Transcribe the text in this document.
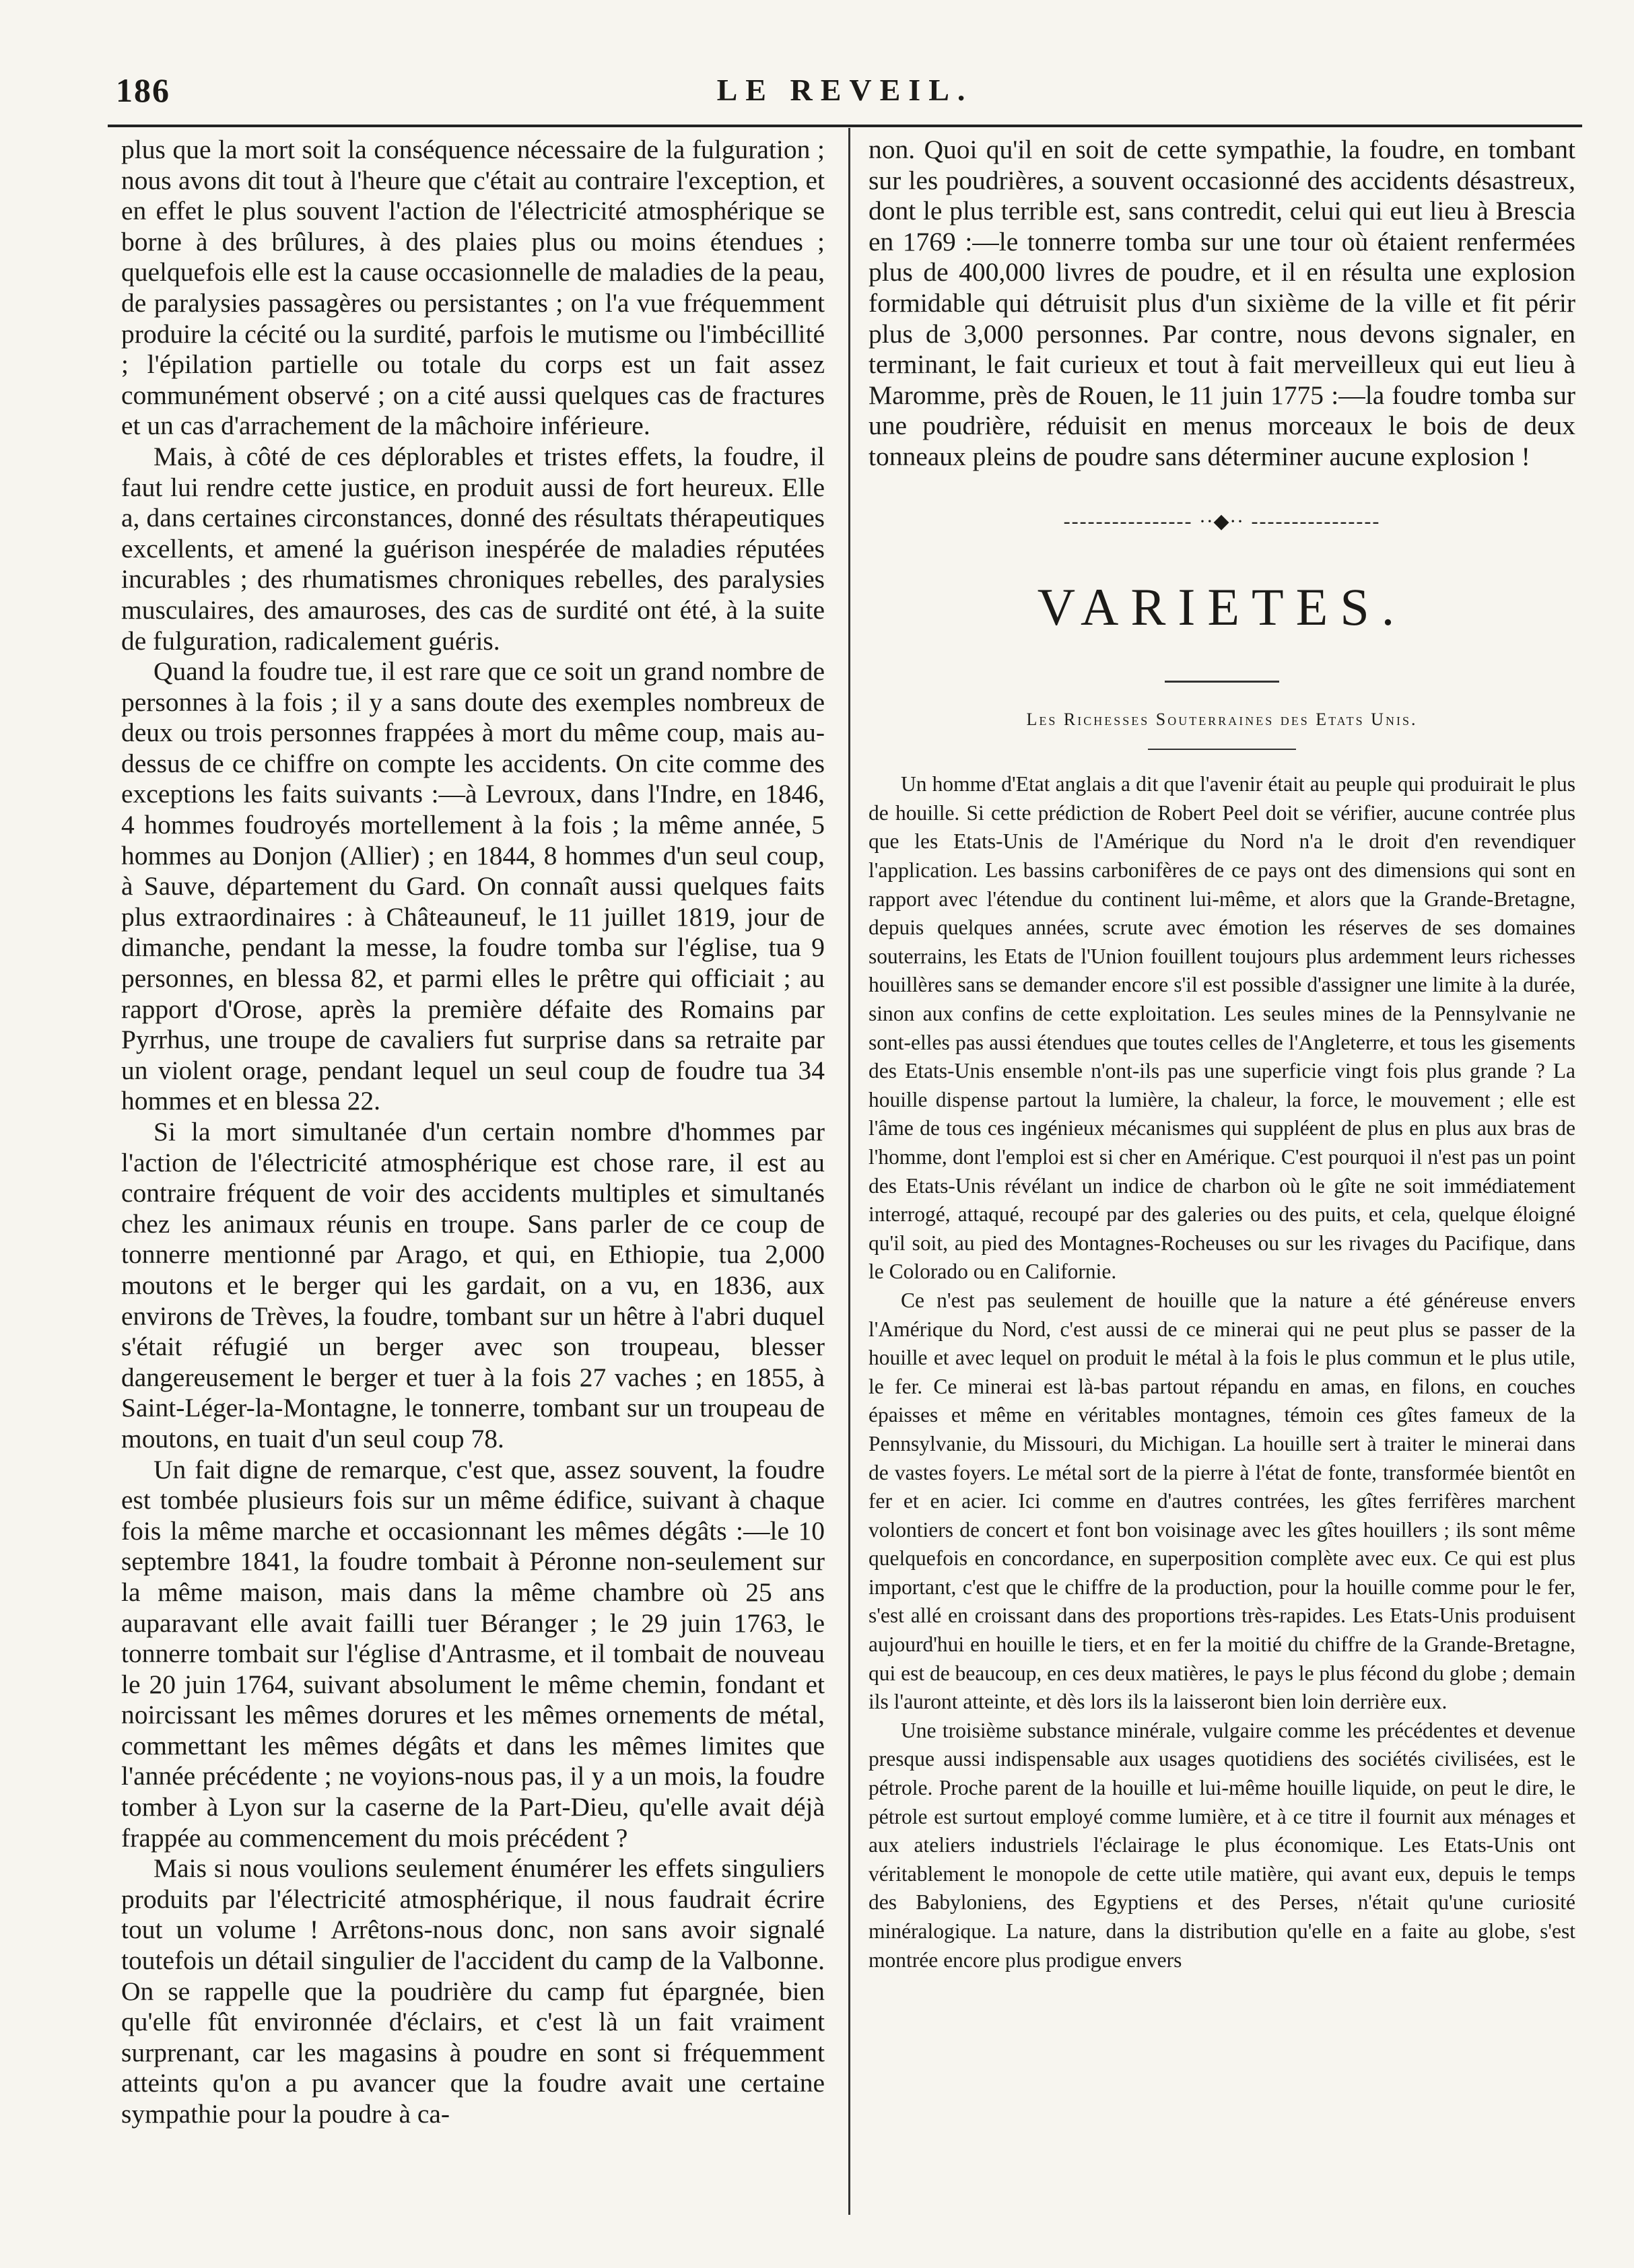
186	LE REVEIL.

plus que la mort soit la conséquence nécessaire de la fulguration ; nous avons dit tout à l'heure que c'était au contraire l'exception, et en effet le plus souvent l'action de l'électricité atmosphérique se borne à des brûlures, à des plaies plus ou moins étendues ; quelquefois elle est la cause occasionnelle de maladies de la peau, de paralysies passagères ou persistantes ; on l'a vue fréquemment produire la cécité ou la surdité, parfois le mutisme ou l'imbécillité ; l'épilation partielle ou totale du corps est un fait assez communément observé ; on a cité aussi quelques cas de fractures et un cas d'arrachement de la mâchoire inférieure.

Mais, à côté de ces déplorables et tristes effets, la foudre, il faut lui rendre cette justice, en produit aussi de fort heureux. Elle a, dans certaines circonstances, donné des résultats thérapeutiques excellents, et amené la guérison inespérée de maladies réputées incurables ; des rhumatismes chroniques rebelles, des paralysies musculaires, des amauroses, des cas de surdité ont été, à la suite de fulguration, radicalement guéris.

Quand la foudre tue, il est rare que ce soit un grand nombre de personnes à la fois ; il y a sans doute des exemples nombreux de deux ou trois personnes frappées à mort du même coup, mais au-dessus de ce chiffre on compte les accidents. On cite comme des exceptions les faits suivants :—à Levroux, dans l'Indre, en 1846, 4 hommes foudroyés mortellement à la fois ; la même année, 5 hommes au Donjon (Allier) ; en 1844, 8 hommes d'un seul coup, à Sauve, département du Gard. On connaît aussi quelques faits plus extraordinaires : à Châteauneuf, le 11 juillet 1819, jour de dimanche, pendant la messe, la foudre tomba sur l'église, tua 9 personnes, en blessa 82, et parmi elles le prêtre qui officiait ; au rapport d'Orose, après la première défaite des Romains par Pyrrhus, une troupe de cavaliers fut surprise dans sa retraite par un violent orage, pendant lequel un seul coup de foudre tua 34 hommes et en blessa 22.

Si la mort simultanée d'un certain nombre d'hommes par l'action de l'électricité atmosphérique est chose rare, il est au contraire fréquent de voir des accidents multiples et simultanés chez les animaux réunis en troupe. Sans parler de ce coup de tonnerre mentionné par Arago, et qui, en Ethiopie, tua 2,000 moutons et le berger qui les gardait, on a vu, en 1836, aux environs de Trèves, la foudre, tombant sur un hêtre à l'abri duquel s'était réfugié un berger avec son troupeau, blesser dangereusement le berger et tuer à la fois 27 vaches ; en 1855, à Saint-Léger-la-Montagne, le tonnerre, tombant sur un troupeau de moutons, en tuait d'un seul coup 78.

Un fait digne de remarque, c'est que, assez souvent, la foudre est tombée plusieurs fois sur un même édifice, suivant à chaque fois la même marche et occasionnant les mêmes dégâts :—le 10 septembre 1841, la foudre tombait à Péronne non-seulement sur la même maison, mais dans la même chambre où 25 ans auparavant elle avait failli tuer Béranger ; le 29 juin 1763, le tonnerre tombait sur l'église d'Antrasme, et il tombait de nouveau le 20 juin 1764, suivant absolument le même chemin, fondant et noircissant les mêmes dorures et les mêmes ornements de métal, commettant les mêmes dégâts et dans les mêmes limites que l'année précédente ; ne voyions-nous pas, il y a un mois, la foudre tomber à Lyon sur la caserne de la Part-Dieu, qu'elle avait déjà frappée au commencement du mois précédent ?

Mais si nous voulions seulement énumérer les effets singuliers produits par l'électricité atmosphérique, il nous faudrait écrire tout un volume ! Arrêtons-nous donc, non sans avoir signalé toutefois un détail singulier de l'accident du camp de la Valbonne. On se rappelle que la poudrière du camp fut épargnée, bien qu'elle fût environnée d'éclairs, et c'est là un fait vraiment surprenant, car les magasins à poudre en sont si fréquemment atteints qu'on a pu avancer que la foudre avait une certaine sympathie pour la poudre à ca-

non. Quoi qu'il en soit de cette sympathie, la foudre, en tombant sur les poudrières, a souvent occasionné des accidents désastreux, dont le plus terrible est, sans contredit, celui qui eut lieu à Brescia en 1769 :—le tonnerre tomba sur une tour où étaient renfermées plus de 400,000 livres de poudre, et il en résulta une explosion formidable qui détruisit plus d'un sixième de la ville et fit périr plus de 3,000 personnes. Par contre, nous devons signaler, en terminant, le fait curieux et tout à fait merveilleux qui eut lieu à Maromme, près de Rouen, le 11 juin 1775 :—la foudre tomba sur une poudrière, réduisit en menus morceaux le bois de deux tonneaux pleins de poudre sans déterminer aucune explosion !

---------------- ·∙◆∙· ----------------
VARIETES.
Les Richesses Souterraines des Etats Unis.

Un homme d'Etat anglais a dit que l'avenir était au peuple qui produirait le plus de houille. Si cette prédiction de Robert Peel doit se vérifier, aucune contrée plus que les Etats-Unis de l'Amérique du Nord n'a le droit d'en revendiquer l'application. Les bassins carbonifères de ce pays ont des dimensions qui sont en rapport avec l'étendue du continent lui-même, et alors que la Grande-Bretagne, depuis quelques années, scrute avec émotion les réserves de ses domaines souterrains, les Etats de l'Union fouillent toujours plus ardemment leurs richesses houillères sans se demander encore s'il est possible d'assigner une limite à la durée, sinon aux confins de cette exploitation. Les seules mines de la Pennsylvanie ne sont-elles pas aussi étendues que toutes celles de l'Angleterre, et tous les gisements des Etats-Unis ensemble n'ont-ils pas une superficie vingt fois plus grande ? La houille dispense partout la lumière, la chaleur, la force, le mouvement ; elle est l'âme de tous ces ingénieux mécanismes qui suppléent de plus en plus aux bras de l'homme, dont l'emploi est si cher en Amérique. C'est pourquoi il n'est pas un point des Etats-Unis révélant un indice de charbon où le gîte ne soit immédiatement interrogé, attaqué, recoupé par des galeries ou des puits, et cela, quelque éloigné qu'il soit, au pied des Montagnes-Rocheuses ou sur les rivages du Pacifique, dans le Colorado ou en Californie.

Ce n'est pas seulement de houille que la nature a été généreuse envers l'Amérique du Nord, c'est aussi de ce minerai qui ne peut plus se passer de la houille et avec lequel on produit le métal à la fois le plus commun et le plus utile, le fer. Ce minerai est là-bas partout répandu en amas, en filons, en couches épaisses et même en véritables montagnes, témoin ces gîtes fameux de la Pennsylvanie, du Missouri, du Michigan. La houille sert à traiter le minerai dans de vastes foyers. Le métal sort de la pierre à l'état de fonte, transformée bientôt en fer et en acier. Ici comme en d'autres contrées, les gîtes ferrifères marchent volontiers de concert et font bon voisinage avec les gîtes houillers ; ils sont même quelquefois en concordance, en superposition complète avec eux. Ce qui est plus important, c'est que le chiffre de la production, pour la houille comme pour le fer, s'est allé en croissant dans des proportions très-rapides. Les Etats-Unis produisent aujourd'hui en houille le tiers, et en fer la moitié du chiffre de la Grande-Bretagne, qui est de beaucoup, en ces deux matières, le pays le plus fécond du globe ; demain ils l'auront atteinte, et dès lors ils la laisseront bien loin derrière eux.

Une troisième substance minérale, vulgaire comme les précédentes et devenue presque aussi indispensable aux usages quotidiens des sociétés civilisées, est le pétrole. Proche parent de la houille et lui-même houille liquide, on peut le dire, le pétrole est surtout employé comme lumière, et à ce titre il fournit aux ménages et aux ateliers industriels l'éclairage le plus économique. Les Etats-Unis ont véritablement le monopole de cette utile matière, qui avant eux, depuis le temps des Babyloniens, des Egyptiens et des Perses, n'était qu'une curiosité minéralogique. La nature, dans la distribution qu'elle en a faite au globe, s'est montrée encore plus prodigue envers
